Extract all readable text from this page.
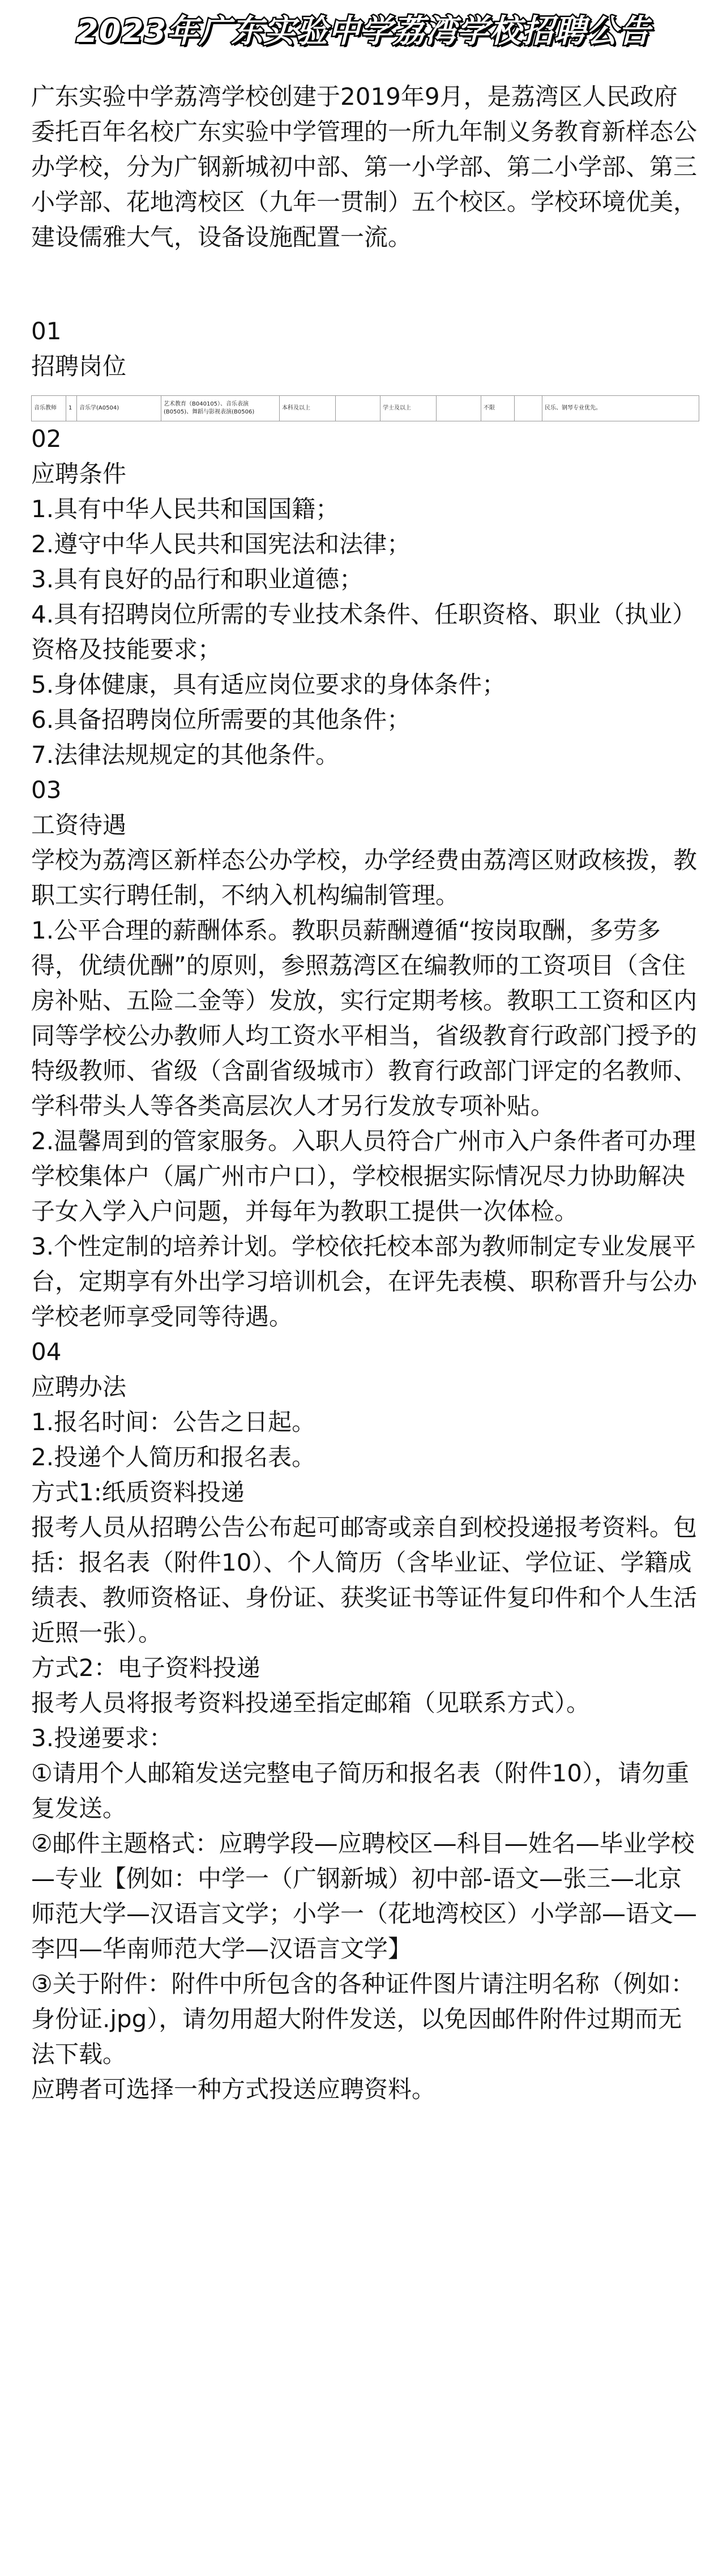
2023年广东实验中学荔湾学校招聘公告

广东实验中学荔湾学校创建于2019年9月，是荔湾区人民政府委托百年名校广东实验中学管理的一所九年制义务教育新样态公办学校，分为广钢新城初中部、第一小学部、第二小学部、第三小学部、花地湾校区（九年一贯制）五个校区。学校环境优美，建设儒雅大气，设备设施配置一流。

01

招聘岗位

音乐教师	1	音乐学(A0504)	艺术教育（B040105）、音乐表演(B0505)、舞蹈与影视表演(B0506)	本科及以上		学士及以上		不限		民乐、钢琴专业优先。

02

应聘条件

1.具有中华人民共和国国籍；

2.遵守中华人民共和国宪法和法律；

3.具有良好的品行和职业道德；

4.具有招聘岗位所需的专业技术条件、任职资格、职业（执业）资格及技能要求；

5.身体健康，具有适应岗位要求的身体条件；

6.具备招聘岗位所需要的其他条件；

7.法律法规规定的其他条件。

03

工资待遇

学校为荔湾区新样态公办学校，办学经费由荔湾区财政核拨，教职工实行聘任制，不纳入机构编制管理。

1.公平合理的薪酬体系。教职员薪酬遵循“按岗取酬，多劳多得，优绩优酬”的原则，参照荔湾区在编教师的工资项目（含住房补贴、五险二金等）发放，实行定期考核。教职工工资和区内同等学校公办教师人均工资水平相当，省级教育行政部门授予的特级教师、省级（含副省级城市）教育行政部门评定的名教师、学科带头人等各类高层次人才另行发放专项补贴。

2.温馨周到的管家服务。入职人员符合广州市入户条件者可办理学校集体户（属广州市户口），学校根据实际情况尽力协助解决子女入学入户问题，并每年为教职工提供一次体检。

3.个性定制的培养计划。学校依托校本部为教师制定专业发展平台，定期享有外出学习培训机会，在评先表模、职称晋升与公办学校老师享受同等待遇。

04

应聘办法

1.报名时间：公告之日起。

2.投递个人简历和报名表。

方式1:纸质资料投递

报考人员从招聘公告公布起可邮寄或亲自到校投递报考资料。包括：报名表（附件10）、个人简历（含毕业证、学位证、学籍成绩表、教师资格证、身份证、获奖证书等证件复印件和个人生活近照一张）。

方式2：电子资料投递

报考人员将报考资料投递至指定邮箱（见联系方式）。

3.投递要求：

①请用个人邮箱发送完整电子简历和报名表（附件10），请勿重复发送。

②邮件主题格式：应聘学段—应聘校区—科目—姓名—毕业学校—专业【例如：中学一（广钢新城）初中部-语文—张三—北京师范大学—汉语言文学；小学一（花地湾校区）小学部—语文—李四—华南师范大学—汉语言文学】

③关于附件：附件中所包含的各种证件图片请注明名称（例如：身份证.jpg），请勿用超大附件发送，以免因邮件附件过期而无法下载。

应聘者可选择一种方式投送应聘资料。
